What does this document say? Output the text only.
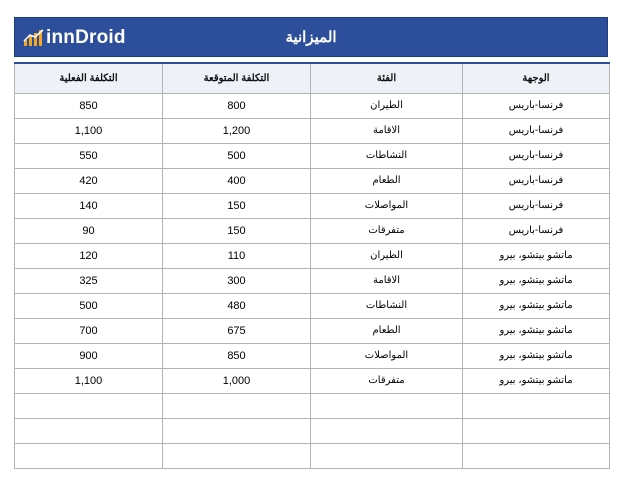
innDroid	الميزانية
التكلفة الفعلية	التكلفة المتوقعة	الفئة	الوجهة
850	800	الطيران	فرنسا-باريس
1,100	1,200	الاقامة	فرنسا-باريس
550	500	النشاطات	فرنسا-باريس
420	400	الطعام	فرنسا-باريس
140	150	المواصلات	فرنسا-باريس
90	150	متفرقات	فرنسا-باريس
120	110	الطيران	ماتشو بيتشو، بيرو
325	300	الاقامة	ماتشو بيتشو، بيرو
500	480	النشاطات	ماتشو بيتشو، بيرو
700	675	الطعام	ماتشو بيتشو، بيرو
900	850	المواصلات	ماتشو بيتشو، بيرو
1,100	1,000	متفرقات	ماتشو بيتشو، بيرو
